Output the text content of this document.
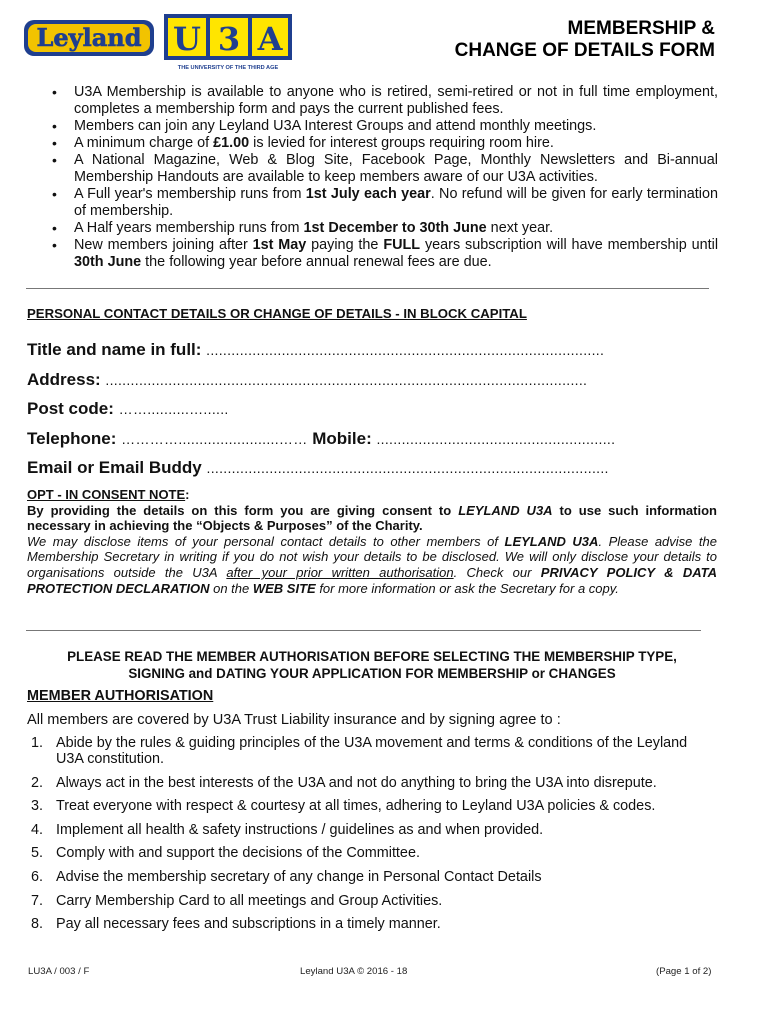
Leyland U 3 A
THE UNIVERSITY OF THE THIRD AGE
MEMBERSHIP &
CHANGE OF DETAILS FORM
• U3A Membership is available to anyone who is retired, semi-retired or not in full time employment, completes a membership form and pays the current published fees.
• Members can join any Leyland U3A Interest Groups and attend monthly meetings.
• A minimum charge of £1.00 is levied for interest groups requiring room hire.
• A National Magazine, Web & Blog Site, Facebook Page, Monthly Newsletters and Bi-annual Membership Handouts are available to keep members aware of our U3A activities.
• A Full year's membership runs from 1st July each year. No refund will be given for early termination of membership.
• A Half years membership runs from 1st December to 30th June next year.
• New members joining after 1st May paying the FULL years subscription will have membership until 30th June the following year before annual renewal fees are due.
PERSONAL CONTACT DETAILS OR CHANGE OF DETAILS - IN BLOCK CAPITAL
Title and name in full: ...............................................................................................
Address: ...................................................................................................................
Post code: ……..........…......
Telephone: …………........................…… Mobile: .........................................................
Email or Email Buddy ................................................................................................
OPT - IN CONSENT NOTE:
By providing the details on this form you are giving consent to LEYLAND U3A to use such information necessary in achieving the “Objects & Purposes” of the Charity.
We may disclose items of your personal contact details to other members of LEYLAND U3A. Please advise the Membership Secretary in writing if you do not wish your details to be disclosed. We will only disclose your details to organisations outside the U3A after your prior written authorisation. Check our PRIVACY POLICY & DATA PROTECTION DECLARATION on the WEB SITE for more information or ask the Secretary for a copy.
PLEASE READ THE MEMBER AUTHORISATION BEFORE SELECTING THE MEMBERSHIP TYPE,
SIGNING and DATING YOUR APPLICATION FOR MEMBERSHIP or CHANGES
MEMBER AUTHORISATION
All members are covered by U3A Trust Liability insurance and by signing agree to :
1. Abide by the rules & guiding principles of the U3A movement and terms & conditions of the Leyland U3A constitution.
2. Always act in the best interests of the U3A and not do anything to bring the U3A into disrepute.
3. Treat everyone with respect & courtesy at all times, adhering to Leyland U3A policies & codes.
4. Implement all health & safety instructions / guidelines as and when provided.
5. Comply with and support the decisions of the Committee.
6. Advise the membership secretary of any change in Personal Contact Details
7. Carry Membership Card to all meetings and Group Activities.
8. Pay all necessary fees and subscriptions in a timely manner.
LU3A / 003 / F	Leyland U3A © 2016 - 18	(Page 1 of 2)
